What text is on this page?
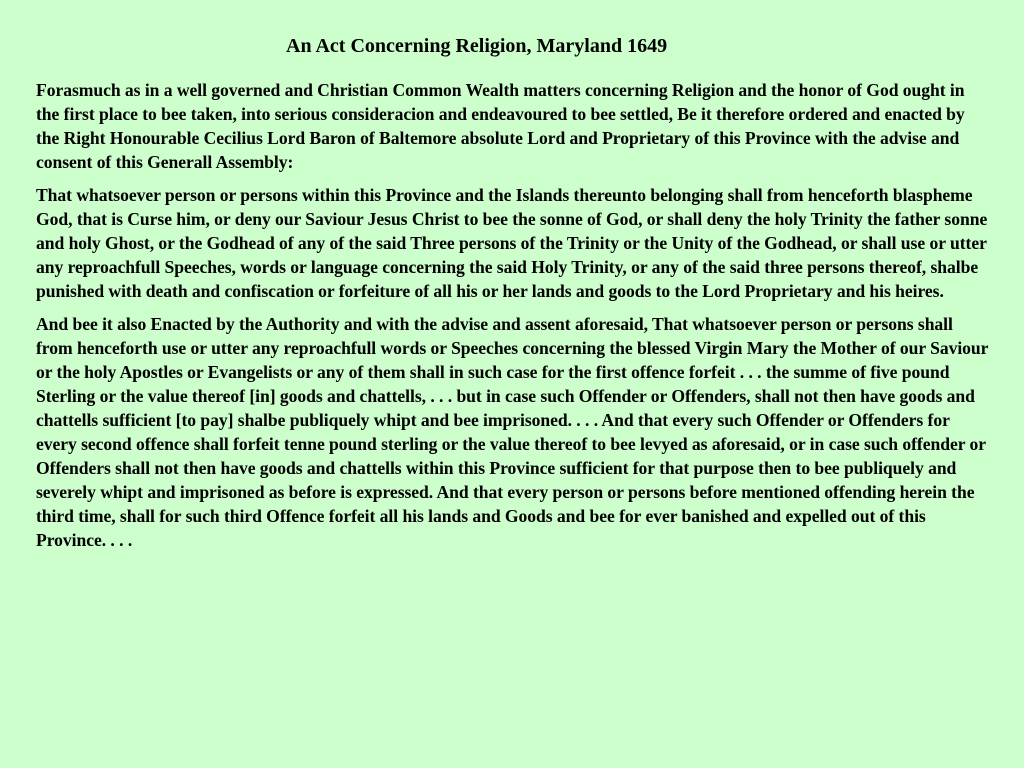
An Act Concerning Religion, Maryland 1649

Forasmuch as in a well governed and Christian Common Wealth matters concerning Religion and the honor of God ought in the first place to bee taken, into serious consideracion and endeavoured to bee settled, Be it therefore ordered and enacted by the Right Honourable Cecilius Lord Baron of Baltemore absolute Lord and Proprietary of this Province with the advise and consent of this Generall Assembly:

That whatsoever person or persons within this Province and the Islands thereunto belonging shall from henceforth blaspheme God, that is Curse him, or deny our Saviour Jesus Christ to bee the sonne of God, or shall deny the holy Trinity the father sonne and holy Ghost, or the Godhead of any of the said Three persons of the Trinity or the Unity of the Godhead, or shall use or utter any reproachfull Speeches, words or language concerning the said Holy Trinity, or any of the said three persons thereof, shalbe punished with death and confiscation or forfeiture of all his or her lands and goods to the Lord Proprietary and his heires.

And bee it also Enacted by the Authority and with the advise and assent aforesaid, That whatsoever person or persons shall from henceforth use or utter any reproachfull words or Speeches concerning the blessed Virgin Mary the Mother of our Saviour or the holy Apostles or Evangelists or any of them shall in such case for the first offence forfeit . . . the summe of five pound Sterling or the value thereof [in] goods and chattells, . . . but in case such Offender or Offenders, shall not then have goods and chattells sufficient [to pay] shalbe publiquely whipt and bee imprisoned. . . . And that every such Offender or Offenders for every second offence shall forfeit tenne pound sterling or the value thereof to bee levyed as aforesaid, or in case such offender or Offenders shall not then have goods and chattells within this Province sufficient for that purpose then to bee publiquely and severely whipt and imprisoned as before is expressed. And that every person or persons before mentioned offending herein the third time, shall for such third Offence forfeit all his lands and Goods and bee for ever banished and expelled out of this Province. . . .
